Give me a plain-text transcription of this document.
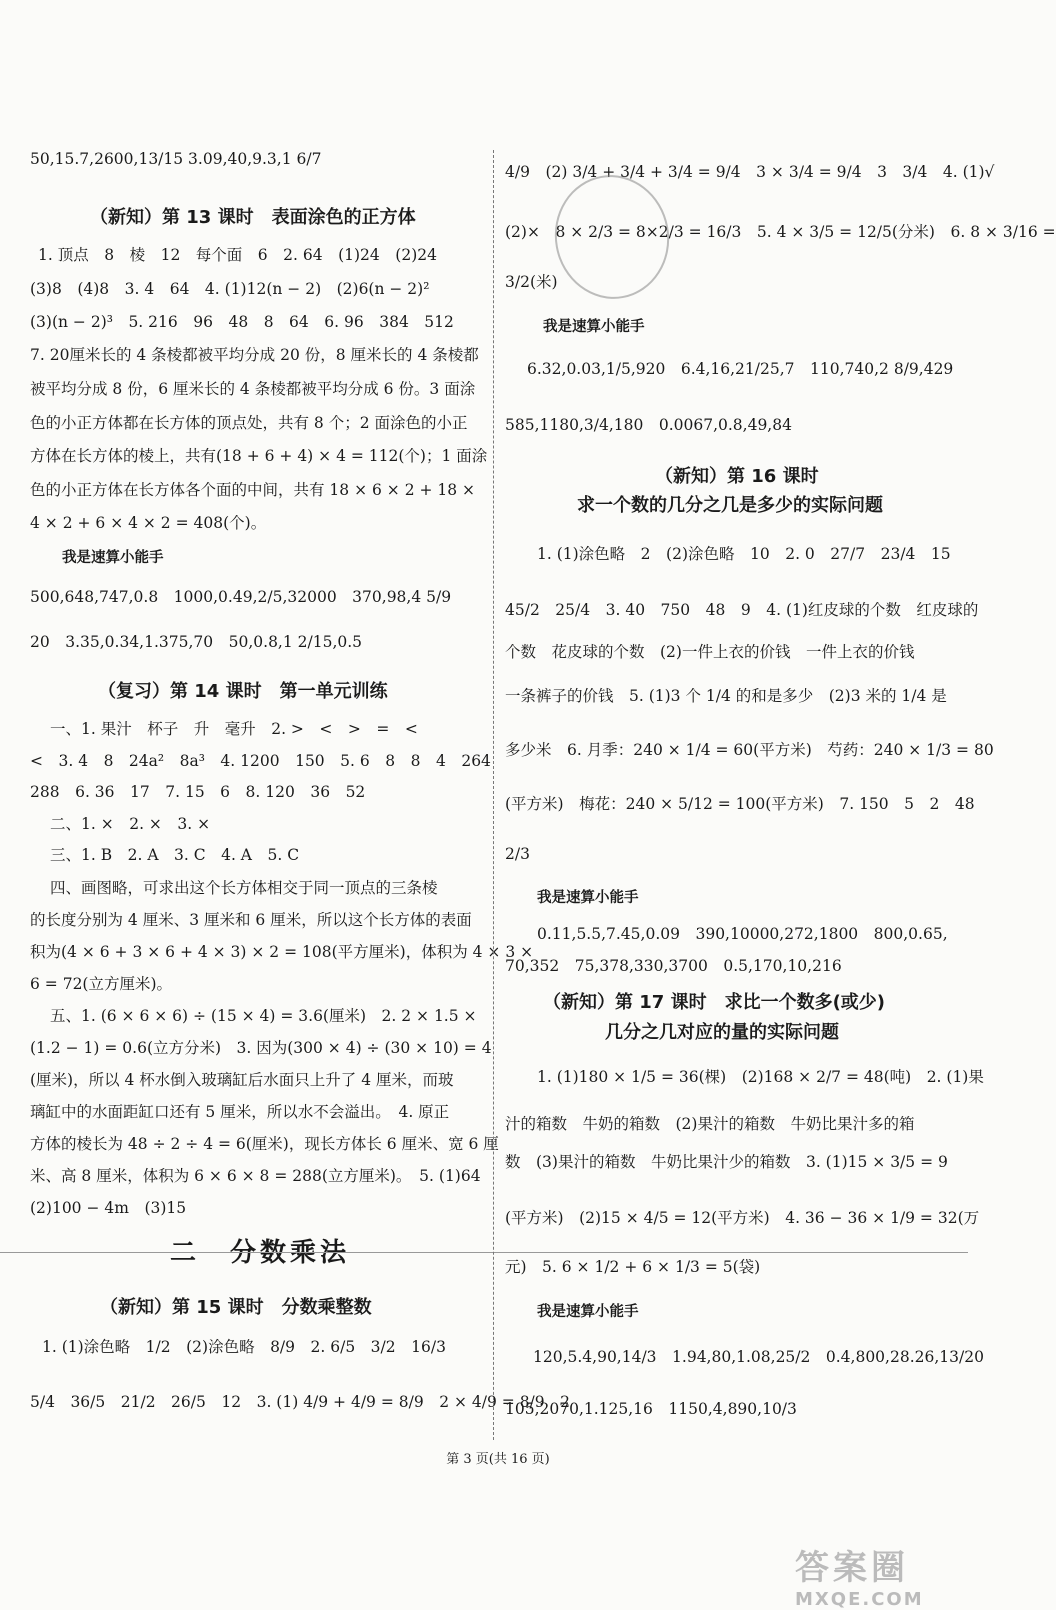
50,15.7,2600,13/15 3.09,40,9.3,1 6/7
（新知）第 13 课时　表面涂色的正方体
1. 顶点　8　棱　12　每个面　6　2. 64　(1)24　(2)24
(3)8　(4)8　3. 4　64　4. (1)12(n − 2)　(2)6(n − 2)²
(3)(n − 2)³　5. 216　96　48　8　64　6. 96　384　512
7. 20厘米长的 4 条棱都被平均分成 20 份，8 厘米长的 4 条棱都
被平均分成 8 份，6 厘米长的 4 条棱都被平均分成 6 份。3 面涂
色的小正方体都在长方体的顶点处，共有 8 个；2 面涂色的小正
方体在长方体的棱上，共有(18 + 6 + 4) × 4 = 112(个)；1 面涂
色的小正方体在长方体各个面的中间，共有 18 × 6 × 2 + 18 ×
4 × 2 + 6 × 4 × 2 = 408(个)。
我是速算小能手
500,648,747,0.8　1000,0.49,2/5,32000　370,98,4 5/9
20　3.35,0.34,1.375,70　50,0.8,1 2/15,0.5
（复习）第 14 课时　第一单元训练
一、1. 果汁　杯子　升　毫升　2. >　<　>　=　<
<　3. 4　8　24a²　8a³　4. 1200　150　5. 6　8　8　4　264
288　6. 36　17　7. 15　6　8. 120　36　52
二、1. ×　2. ×　3. ×
三、1. B　2. A　3. C　4. A　5. C
四、画图略，可求出这个长方体相交于同一顶点的三条棱
的长度分别为 4 厘米、3 厘米和 6 厘米，所以这个长方体的表面
积为(4 × 6 + 3 × 6 + 4 × 3) × 2 = 108(平方厘米)，体积为 4 × 3 ×
6 = 72(立方厘米)。
五、1. (6 × 6 × 6) ÷ (15 × 4) = 3.6(厘米)　2. 2 × 1.5 ×
(1.2 − 1) = 0.6(立方分米)　3. 因为(300 × 4) ÷ (30 × 10) = 4
(厘米)，所以 4 杯水倒入玻璃缸后水面只上升了 4 厘米，而玻
璃缸中的水面距缸口还有 5 厘米，所以水不会溢出。　4. 原正
方体的棱长为 48 ÷ 2 ÷ 4 = 6(厘米)，现长方体长 6 厘米、宽 6 厘
米、高 8 厘米，体积为 6 × 6 × 8 = 288(立方厘米)。　5. (1)64
(2)100 − 4m　(3)15
二　分数乘法
（新知）第 15 课时　分数乘整数
1. (1)涂色略　1/2　(2)涂色略　8/9　2. 6/5　3/2　16/3
5/4　36/5　21/2　26/5　12　3. (1) 4/9 + 4/9 = 8/9　2 × 4/9 = 8/9　2
4/9　(2) 3/4 + 3/4 + 3/4 = 9/4　3 × 3/4 = 9/4　3　3/4　4. (1)√
(2)×　8 × 2/3 = 8×2/3 = 16/3　5. 4 × 3/5 = 12/5(分米)　6. 8 × 3/16 =
3/2(米)
我是速算小能手
6.32,0.03,1/5,920　6.4,16,21/25,7　110,740,2 8/9,429
585,1180,3/4,180　0.0067,0.8,49,84
（新知）第 16 课时
求一个数的几分之几是多少的实际问题
1. (1)涂色略　2　(2)涂色略　10　2. 0　27/7　23/4　15
45/2　25/4　3. 40　750　48　9　4. (1)红皮球的个数　红皮球的
个数　花皮球的个数　(2)一件上衣的价钱　一件上衣的价钱
一条裤子的价钱　5. (1)3 个 1/4 的和是多少　(2)3 米的 1/4 是
多少米　6. 月季：240 × 1/4 = 60(平方米)　芍药：240 × 1/3 = 80
(平方米)　梅花：240 × 5/12 = 100(平方米)　7. 150　5　2　48
2/3
我是速算小能手
0.11,5.5,7.45,0.09　390,10000,272,1800　800,0.65,
70,352　75,378,330,3700　0.5,170,10,216
（新知）第 17 课时　求比一个数多(或少)
几分之几对应的量的实际问题
1. (1)180 × 1/5 = 36(棵)　(2)168 × 2/7 = 48(吨)　2. (1)果
汁的箱数　牛奶的箱数　(2)果汁的箱数　牛奶比果汁多的箱
数　(3)果汁的箱数　牛奶比果汁少的箱数　3. (1)15 × 3/5 = 9
(平方米)　(2)15 × 4/5 = 12(平方米)　4. 36 − 36 × 1/9 = 32(万
元)　5. 6 × 1/2 + 6 × 1/3 = 5(袋)
我是速算小能手
120,5.4,90,14/3　1.94,80,1.08,25/2　0.4,800,28.26,13/20
105,2070,1.125,16　1150,4,890,10/3
第 3 页(共 16 页)
答案圈
MXQE.COM
